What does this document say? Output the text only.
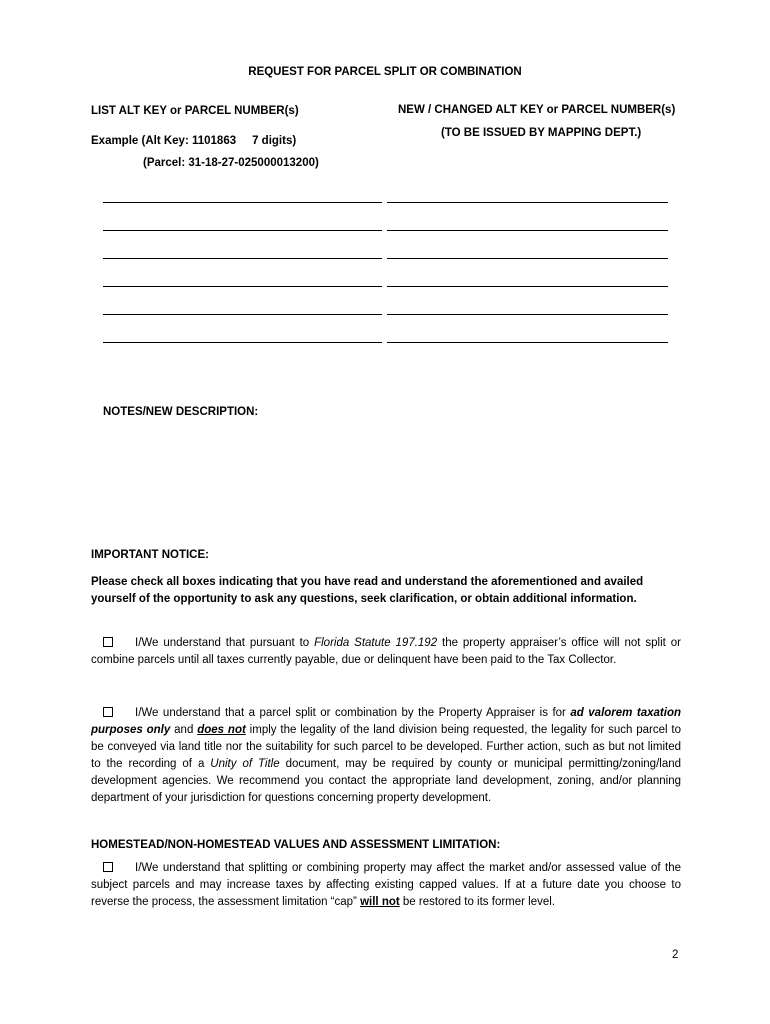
REQUEST FOR PARCEL SPLIT OR COMBINATION
LIST ALT KEY or PARCEL NUMBER(s)	NEW / CHANGED ALT KEY or PARCEL NUMBER(s)
(TO BE ISSUED BY MAPPING DEPT.)
Example (Alt Key: 1101863     7 digits)
(Parcel: 31-18-27-025000013200)
NOTES/NEW DESCRIPTION:
IMPORTANT NOTICE:
Please check all boxes indicating that you have read and understand the aforementioned and availed yourself of the opportunity to ask any questions, seek clarification, or obtain additional information.
I/We understand that pursuant to Florida Statute 197.192 the property appraiser’s office will not split or combine parcels until all taxes currently payable, due or delinquent have been paid to the Tax Collector.
I/We understand that a parcel split or combination by the Property Appraiser is for ad valorem taxation purposes only and does not imply the legality of the land division being requested, the legality for such parcel to be conveyed via land title nor the suitability for such parcel to be developed. Further action, such as but not limited to the recording of a Unity of Title document, may be required by county or municipal permitting/zoning/land development agencies. We recommend you contact the appropriate land development, zoning, and/or planning department of your jurisdiction for questions concerning property development.
HOMESTEAD/NON-HOMESTEAD VALUES AND ASSESSMENT LIMITATION:
I/We understand that splitting or combining property may affect the market and/or assessed value of the subject parcels and may increase taxes by affecting existing capped values. If at a future date you choose to reverse the process, the assessment limitation “cap” will not be restored to its former level.
2
